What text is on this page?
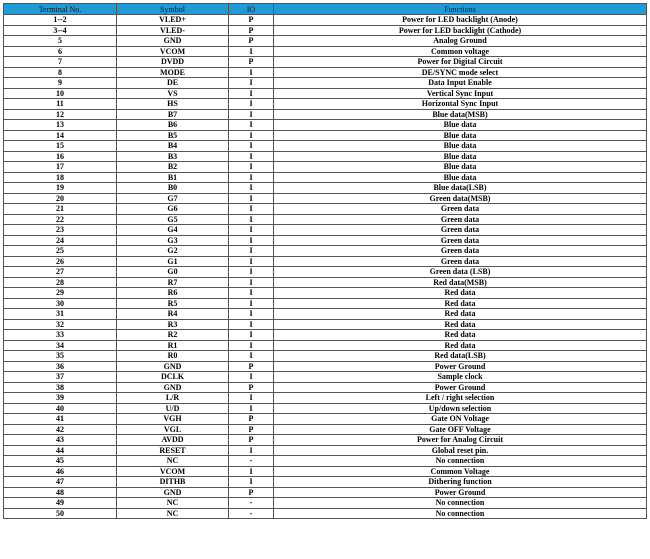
Terminal No.	Symbol	IO	Functions
1--2	VLED+	P	Power for LED backlight (Anode)
3--4	VLED-	P	Power for LED backlight (Cathode)
5	GND	P	Analog Ground
6	VCOM	I	Common voltage
7	DVDD	P	Power for Digital Circuit
8	MODE	I	DE/SYNC mode select
9	DE	I	Data Input Enable
10	VS	I	Vertical Sync Input
11	HS	I	Horizontal Sync Input
12	B7	I	Blue data(MSB)
13	B6	I	Blue data
14	B5	I	Blue data
15	B4	I	Blue data
16	B3	I	Blue data
17	B2	I	Blue data
18	B1	I	Blue data
19	B0	I	Blue data(LSB)
20	G7	I	Green data(MSB)
21	G6	I	Green data
22	G5	I	Green data
23	G4	I	Green data
24	G3	I	Green data
25	G2	I	Green data
26	G1	I	Green data
27	G0	I	Green data (LSB)
28	R7	I	Red data(MSB)
29	R6	I	Red data
30	R5	I	Red data
31	R4	I	Red data
32	R3	I	Red data
33	R2	I	Red data
34	R1	I	Red data
35	R0	I	Red data(LSB)
36	GND	P	Power Ground
37	DCLK	I	Sample clock
38	GND	P	Power Ground
39	L/R	I	Left / right selection
40	U/D	I	Up/down selection
41	VGH	P	Gate ON Voltage
42	VGL	P	Gate OFF Voltage
43	AVDD	P	Power for Analog Circuit
44	RESET	I	Global reset pin.
45	NC	-	No connection
46	VCOM	I	Common Voltage
47	DITHB	I	Dithering function
48	GND	P	Power Ground
49	NC	-	No connection
50	NC	-	No connection
